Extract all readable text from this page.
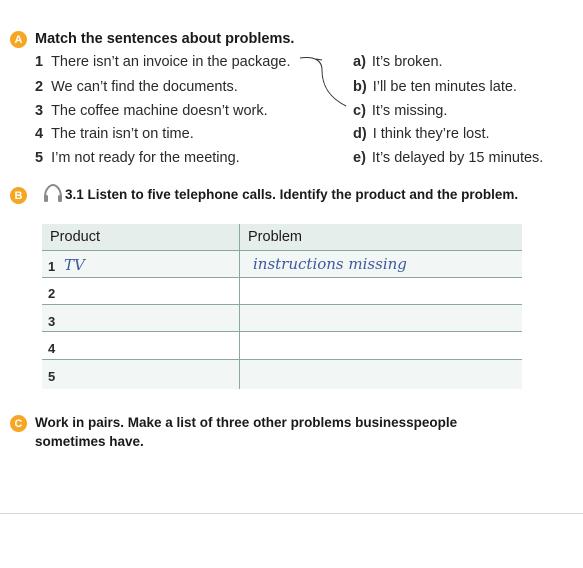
A Match the sentences about problems.
1 There isn’t an invoice in the package.
2 We can’t find the documents.
3 The coffee machine doesn’t work.
4 The train isn’t on time.
5 I’m not ready for the meeting.
a) It’s broken.
b) I’ll be ten minutes late.
c) It’s missing.
d) I think they’re lost.
e) It’s delayed by 15 minutes.
B	3.1 Listen to five telephone calls. Identify the product and the problem.
Product	Problem
1 TV	instructions missing
2
3
4
5
C Work in pairs. Make a list of three other problems businesspeople
sometimes have.
